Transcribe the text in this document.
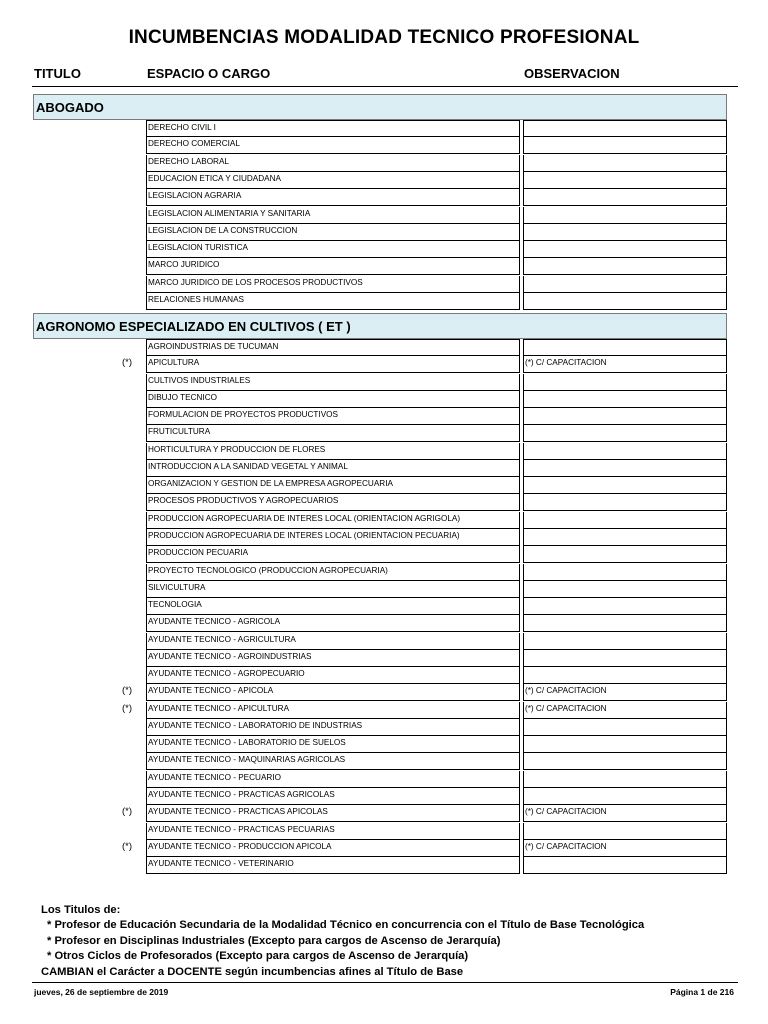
INCUMBENCIAS MODALIDAD TECNICO PROFESIONAL
TITULO	ESPACIO O CARGO	OBSERVACION
ABOGADO
DERECHO CIVIL I
DERECHO COMERCIAL
DERECHO LABORAL
EDUCACION ETICA Y CIUDADANA
LEGISLACION AGRARIA
LEGISLACION ALIMENTARIA Y SANITARIA
LEGISLACION DE LA CONSTRUCCION
LEGISLACION TURISTICA
MARCO JURIDICO
MARCO JURIDICO DE LOS PROCESOS PRODUCTIVOS
RELACIONES HUMANAS
AGRONOMO ESPECIALIZADO EN CULTIVOS ( ET )
AGROINDUSTRIAS DE TUCUMAN
(*) APICULTURA	(*) C/ CAPACITACION
CULTIVOS INDUSTRIALES
DIBUJO TECNICO
FORMULACION DE PROYECTOS PRODUCTIVOS
FRUTICULTURA
HORTICULTURA Y PRODUCCION DE FLORES
INTRODUCCION A LA SANIDAD VEGETAL Y ANIMAL
ORGANIZACION Y GESTION DE LA EMPRESA AGROPECUARIA
PROCESOS PRODUCTIVOS Y AGROPECUARIOS
PRODUCCION AGROPECUARIA DE INTERES LOCAL (ORIENTACION AGRIGOLA)
PRODUCCION AGROPECUARIA DE INTERES LOCAL (ORIENTACION PECUARIA)
PRODUCCION PECUARIA
PROYECTO TECNOLOGICO (PRODUCCION AGROPECUARIA)
SILVICULTURA
TECNOLOGIA
AYUDANTE TECNICO - AGRICOLA
AYUDANTE TECNICO - AGRICULTURA
AYUDANTE TECNICO - AGROINDUSTRIAS
AYUDANTE TECNICO - AGROPECUARIO
(*) AYUDANTE TECNICO - APICOLA	(*) C/ CAPACITACION
(*) AYUDANTE TECNICO - APICULTURA	(*) C/ CAPACITACION
AYUDANTE TECNICO - LABORATORIO DE INDUSTRIAS
AYUDANTE TECNICO - LABORATORIO DE SUELOS
AYUDANTE TECNICO - MAQUINARIAS AGRICOLAS
AYUDANTE TECNICO - PECUARIO
AYUDANTE TECNICO - PRACTICAS AGRICOLAS
(*) AYUDANTE TECNICO - PRACTICAS APICOLAS	(*) C/ CAPACITACION
AYUDANTE TECNICO - PRACTICAS PECUARIAS
(*) AYUDANTE TECNICO - PRODUCCION APICOLA	(*) C/ CAPACITACION
AYUDANTE TECNICO - VETERINARIO
Los Titulos de:
* Profesor de Educación Secundaria de la Modalidad Técnico en concurrencia con el Título de Base Tecnológica
* Profesor en Disciplinas Industriales (Excepto para cargos de Ascenso de Jerarquía)
* Otros Ciclos de Profesorados (Excepto para cargos de Ascenso de Jerarquía)
CAMBIAN el Carácter a DOCENTE según incumbencias afines al Título de Base
jueves, 26 de septiembre de 2019	Página 1 de 216
